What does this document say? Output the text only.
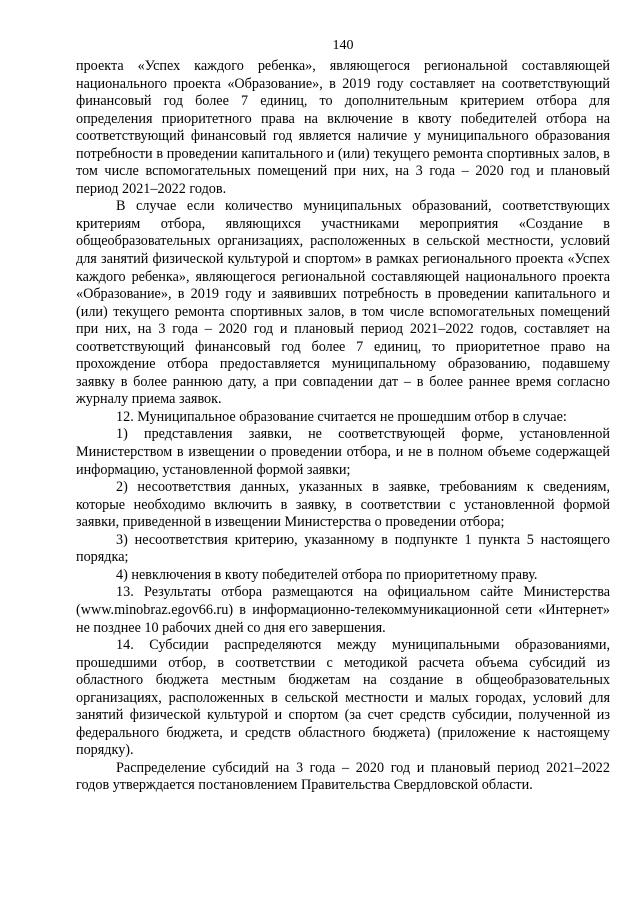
140

проекта «Успех каждого ребенка», являющегося региональной составляющей национального проекта «Образование», в 2019 году составляет на соответствующий финансовый год более 7 единиц, то дополнительным критерием отбора для определения приоритетного права на включение в квоту победителей отбора на соответствующий финансовый год является наличие у муниципального образования потребности в проведении капитального и (или) текущего ремонта спортивных залов, в том числе вспомогательных помещений при них, на 3 года – 2020 год и плановый период 2021–2022 годов.

В случае если количество муниципальных образований, соответствующих критериям отбора, являющихся участниками мероприятия «Создание в общеобразовательных организациях, расположенных в сельской местности, условий для занятий физической культурой и спортом» в рамках регионального проекта «Успех каждого ребенка», являющегося региональной составляющей национального проекта «Образование», в 2019 году и заявивших потребность в проведении капитального и (или) текущего ремонта спортивных залов, в том числе вспомогательных помещений при них, на 3 года – 2020 год и плановый период 2021–2022 годов, составляет на соответствующий финансовый год более 7 единиц, то приоритетное право на прохождение отбора предоставляется муниципальному образованию, подавшему заявку в более раннюю дату, а при совпадении дат – в более раннее время согласно журналу приема заявок.

12. Муниципальное образование считается не прошедшим отбор в случае:

1) представления заявки, не соответствующей форме, установленной Министерством в извещении о проведении отбора, и не в полном объеме содержащей информацию, установленной формой заявки;

2) несоответствия данных, указанных в заявке, требованиям к сведениям, которые необходимо включить в заявку, в соответствии с установленной формой заявки, приведенной в извещении Министерства о проведении отбора;

3) несоответствия критерию, указанному в подпункте 1 пункта 5 настоящего порядка;

4) невключения в квоту победителей отбора по приоритетному праву.

13. Результаты отбора размещаются на официальном сайте Министерства (www.minobraz.egov66.ru) в информационно-телекоммуникационной сети «Интернет» не позднее 10 рабочих дней со дня его завершения.

14. Субсидии распределяются между муниципальными образованиями, прошедшими отбор, в соответствии с методикой расчета объема субсидий из областного бюджета местным бюджетам на создание в общеобразовательных организациях, расположенных в сельской местности и малых городах, условий для занятий физической культурой и спортом (за счет средств субсидии, полученной из федерального бюджета, и средств областного бюджета) (приложение к настоящему порядку).

Распределение субсидий на 3 года – 2020 год и плановый период 2021–2022 годов утверждается постановлением Правительства Свердловской области.
